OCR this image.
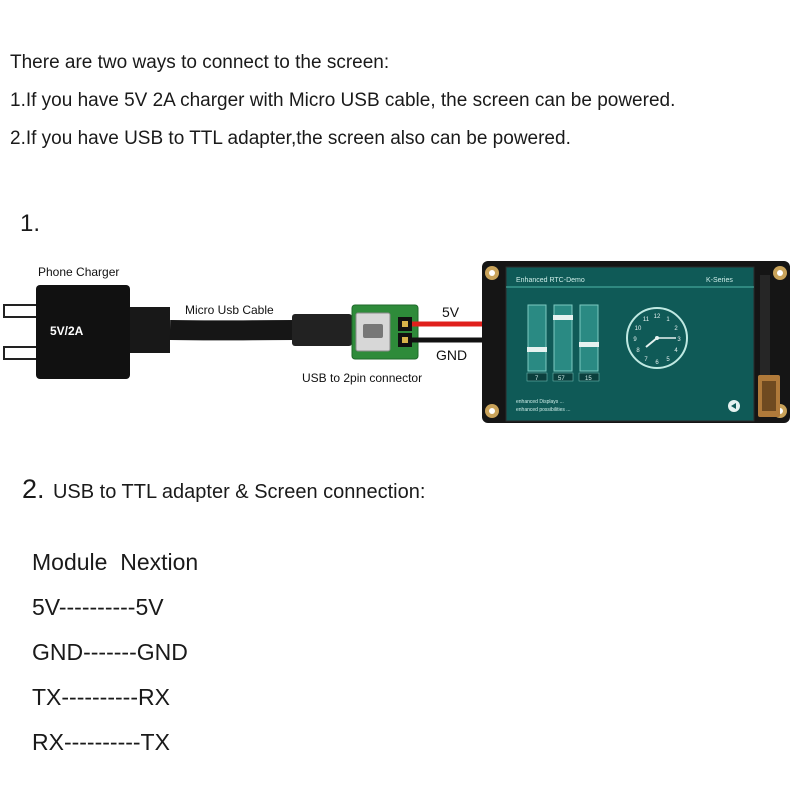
There are two ways to connect to the screen:
1.If you have 5V 2A charger with Micro USB cable, the screen can be powered.
2.If you have USB to TTL adapter,the screen also can be powered.
1.
Phone Charger
5V/2A
Micro Usb Cable
USB to 2pin connector
5V
GND
Enhanced RTC-Demo	K-Series
7	57	15
12 1
2
3
4
5
6
7
8
9
10
11
enhanced Displays ...
enhanced possibilities ...
2. USB to TTL adapter & Screen connection:
Module  Nextion
5V----------5V
GND-------GND
TX----------RX
RX----------TX
